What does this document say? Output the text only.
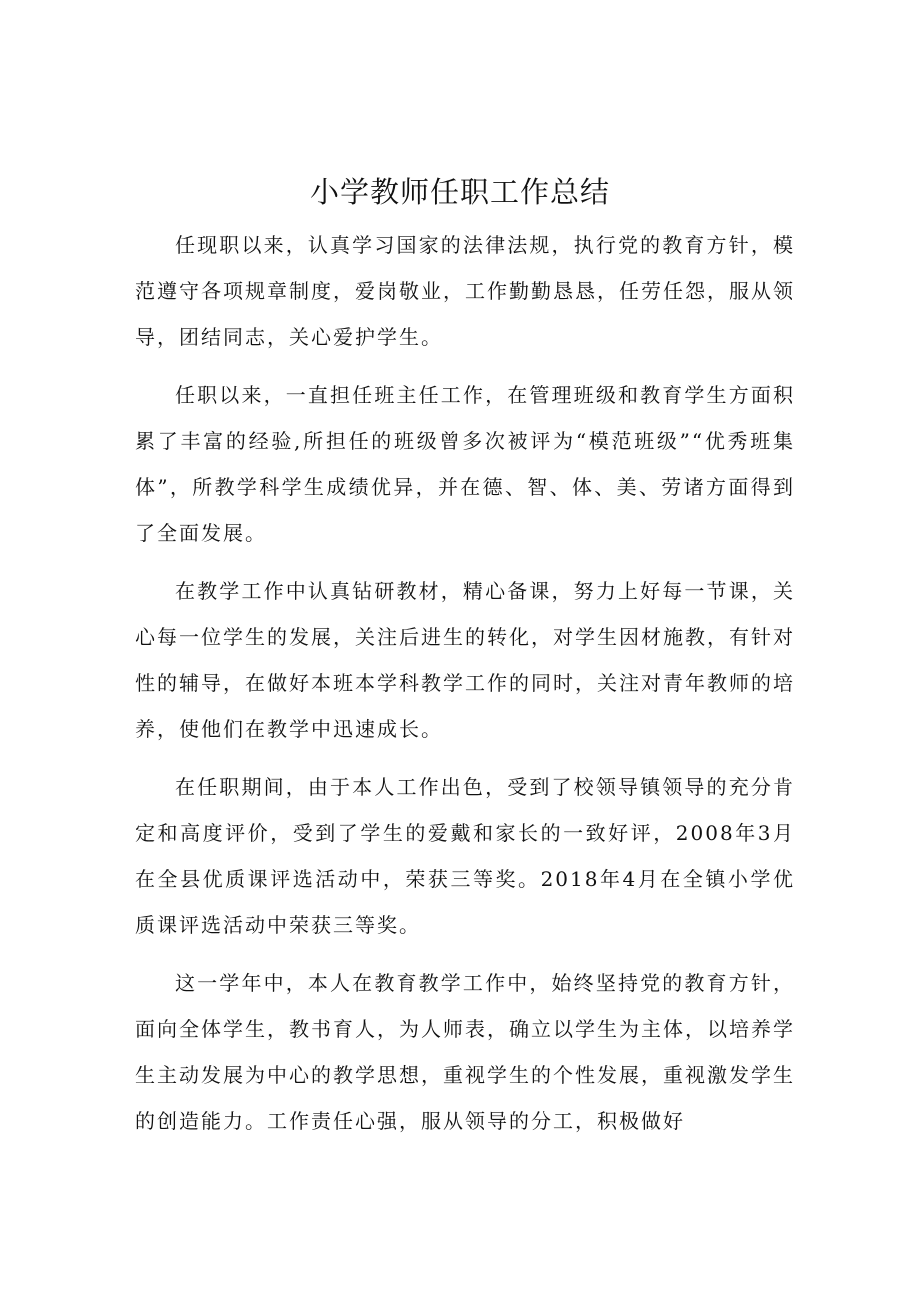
小学教师任职工作总结

任现职以来，认真学习国家的法律法规，执行党的教育方针，模范遵守各项规章制度，爱岗敬业，工作勤勤恳恳，任劳任怨，服从领导，团结同志，关心爱护学生。

任职以来，一直担任班主任工作，在管理班级和教育学生方面积累了丰富的经验,所担任的班级曾多次被评为“模范班级”“优秀班集体”，所教学科学生成绩优异，并在德、智、体、美、劳诸方面得到了全面发展。

在教学工作中认真钻研教材，精心备课，努力上好每一节课，关心每一位学生的发展，关注后进生的转化，对学生因材施教，有针对性的辅导，在做好本班本学科教学工作的同时，关注对青年教师的培养，使他们在教学中迅速成长。

在任职期间，由于本人工作出色，受到了校领导镇领导的充分肯定和高度评价，受到了学生的爱戴和家长的一致好评，2008年3月在全县优质课评选活动中，荣获三等奖。2018年4月在全镇小学优质课评选活动中荣获三等奖。

这一学年中，本人在教育教学工作中，始终坚持党的教育方针，面向全体学生，教书育人，为人师表，确立以学生为主体，以培养学生主动发展为中心的教学思想，重视学生的个性发展，重视激发学生的创造能力。工作责任心强，服从领导的分工，积极做好
